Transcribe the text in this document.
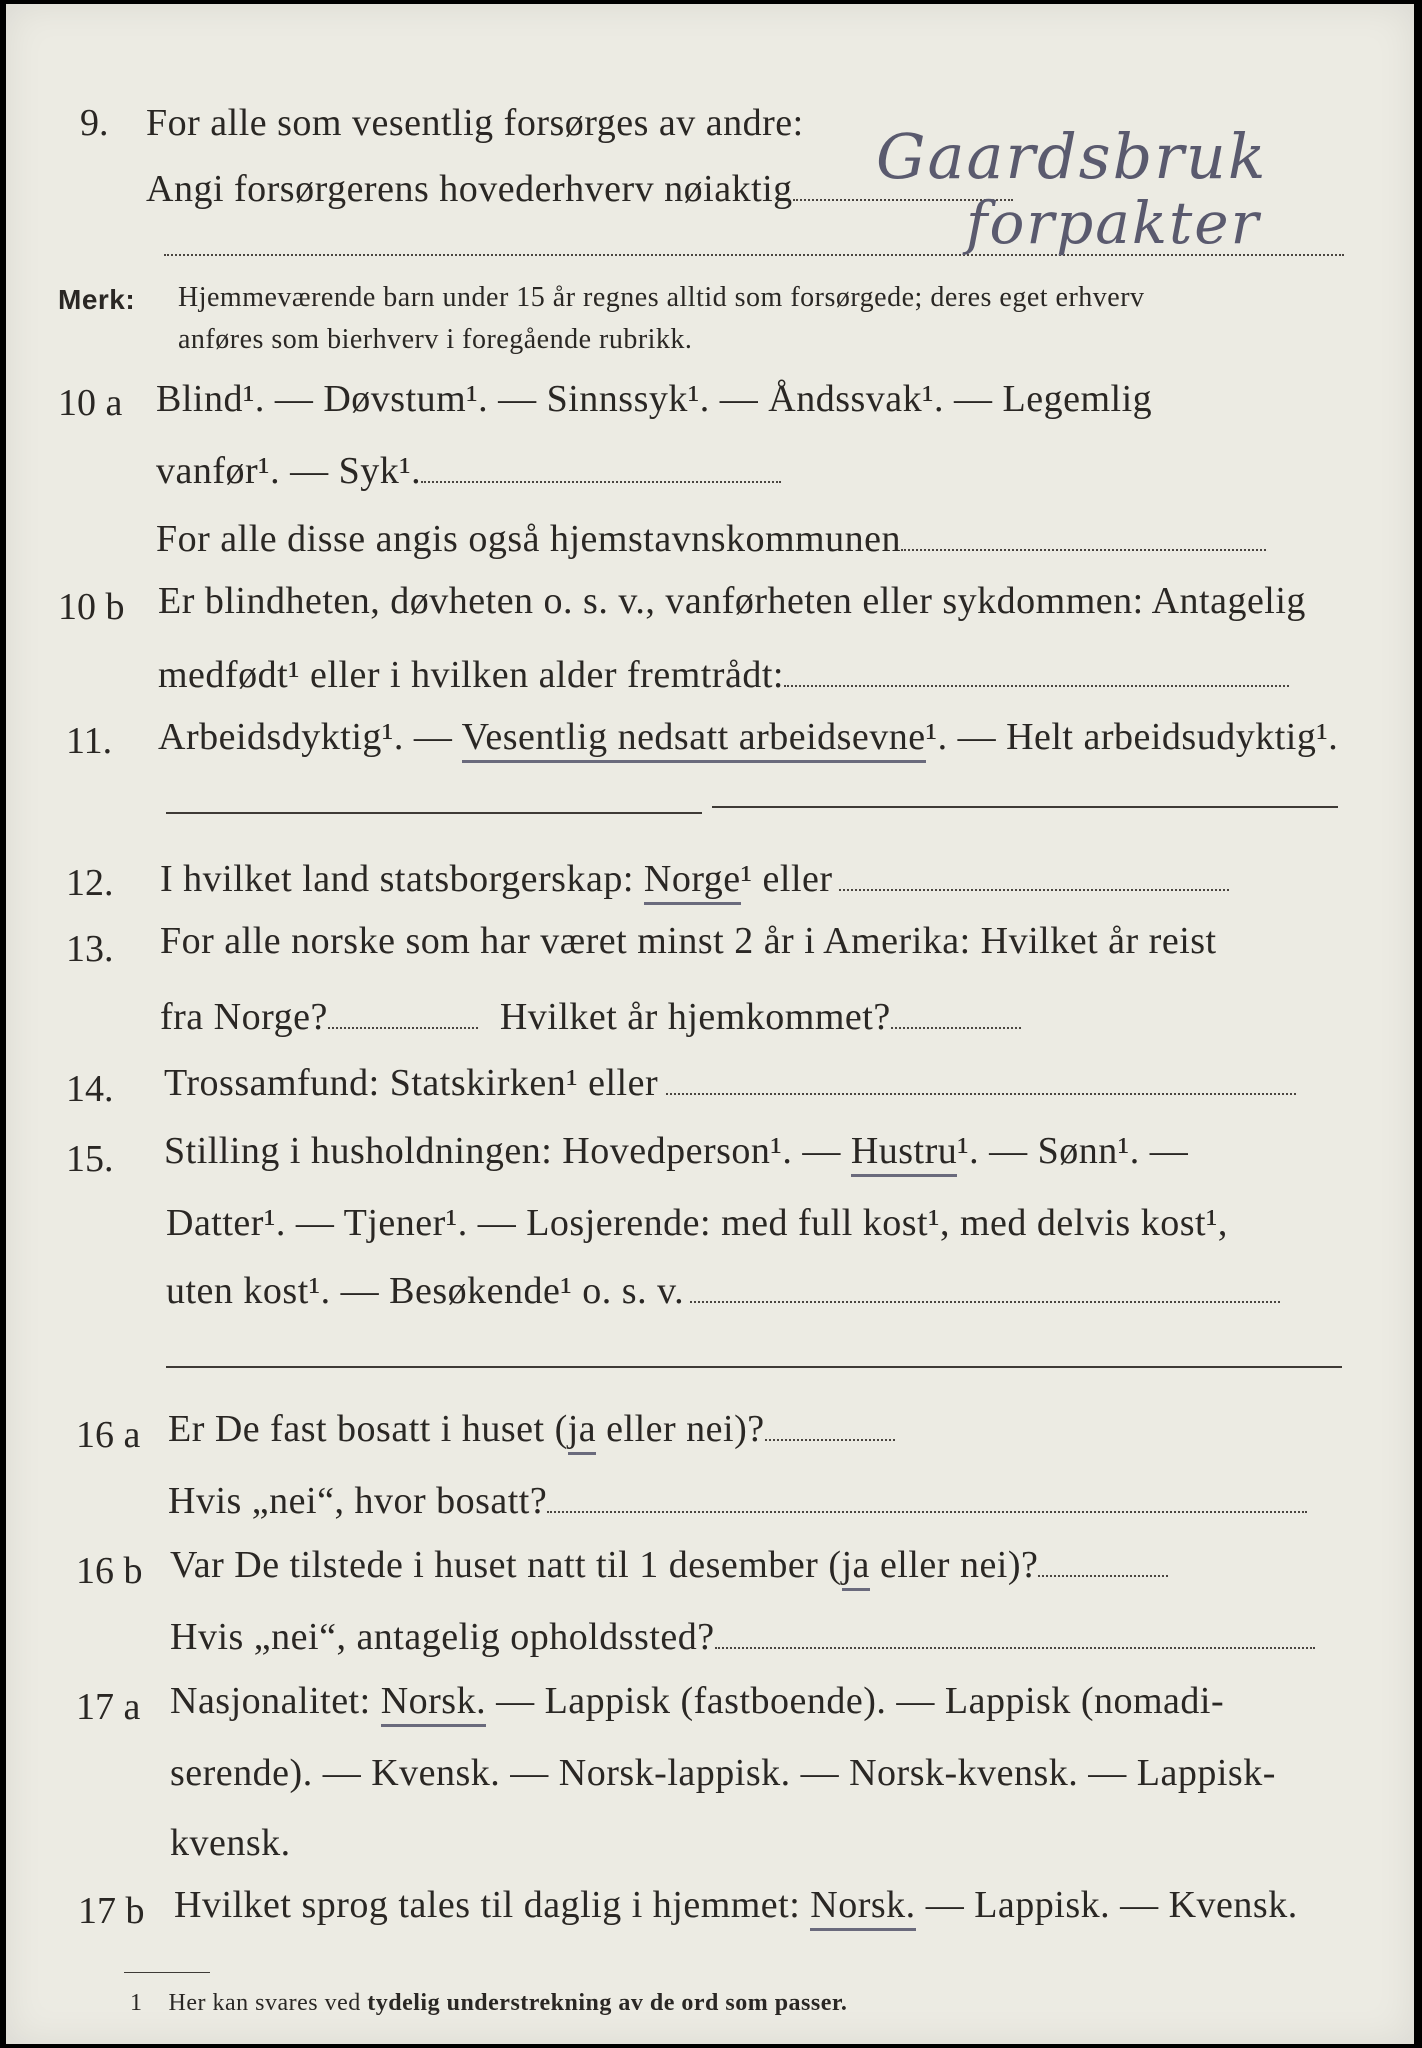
9. For alle som vesentlig forsørges av andre:
Angi forsørgerens hovederhverv nøiaktig	Gaardsbruk
forpakter
Merk: Hjemmeværende barn under 15 år regnes alltid som forsørgede; deres eget erhverv
anføres som bierhverv i foregående rubrikk.
10 a Blind¹. — Døvstum¹. — Sinnssyk¹. — Åndssvak¹. — Legemlig
vanfør¹. — Syk¹.
For alle disse angis også hjemstavnskommunen
10 b Er blindheten, døvheten o. s. v., vanførheten eller sykdommen: Antagelig
medfødt¹ eller i hvilken alder fremtrådt:
11. Arbeidsdyktig¹. — Vesentlig nedsatt arbeidsevne¹. — Helt arbeidsudyktig¹.
12. I hvilket land statsborgerskap: Norge¹ eller
13. For alle norske som har været minst 2 år i Amerika: Hvilket år reist
fra Norge?	Hvilket år hjemkommet?
14. Trossamfund: Statskirken¹ eller
15. Stilling i husholdningen: Hovedperson¹. — Hustru¹. — Sønn¹. —
Datter¹. — Tjener¹. — Losjerende: med full kost¹, med delvis kost¹,
uten kost¹. — Besøkende¹ o. s. v.
16 a Er De fast bosatt i huset (ja eller nei)?
Hvis „nei“, hvor bosatt?
16 b Var De tilstede i huset natt til 1 desember (ja eller nei)?
Hvis „nei“, antagelig opholdssted?
17 a Nasjonalitet: Norsk. — Lappisk (fastboende). — Lappisk (nomadi-
serende). — Kvensk. — Norsk-lappisk. — Norsk-kvensk. — Lappisk-
kvensk.
17 b Hvilket sprog tales til daglig i hjemmet: Norsk. — Lappisk. — Kvensk.
1 Her kan svares ved tydelig understrekning av de ord som passer.
